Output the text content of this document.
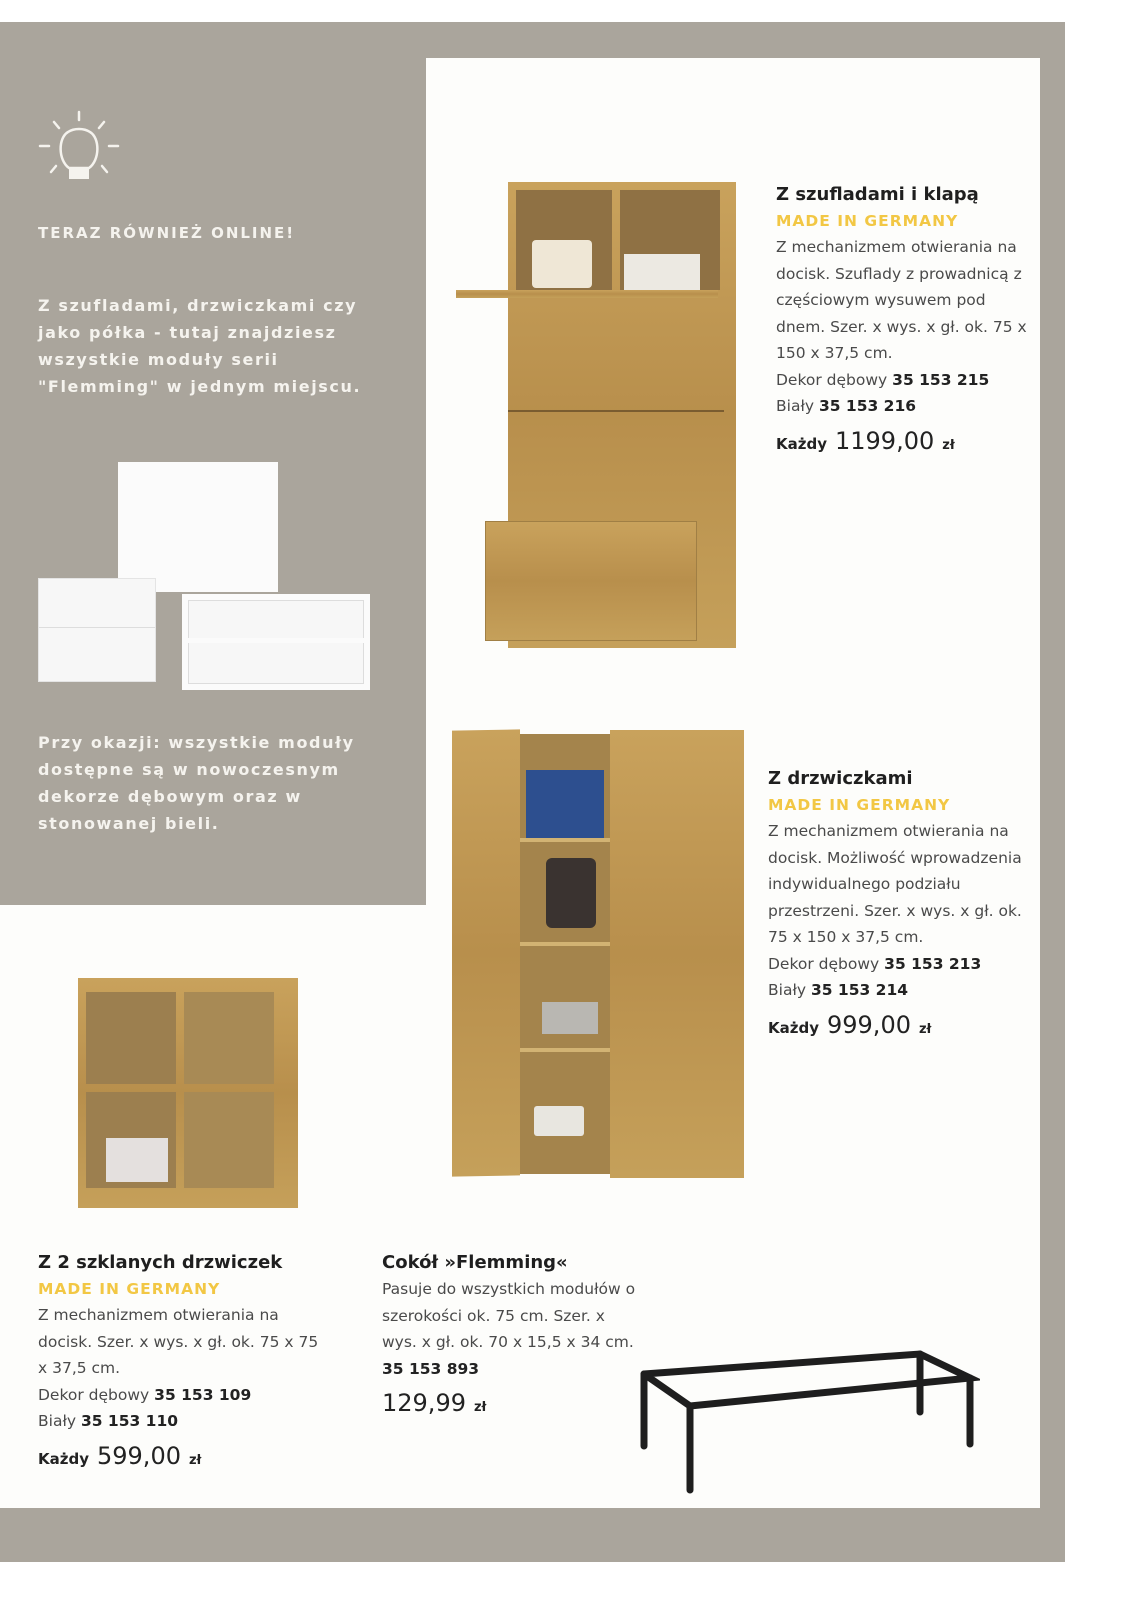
TERAZ RÓWNIEŻ ONLINE!
Z szufladami, drzwiczkami czy jako półka - tutaj znajdziesz wszystkie moduły serii "Flemming" w jednym miejscu.
Przy okazji: wszystkie moduły dostępne są w nowoczesnym dekorze dębowym oraz w stonowanej bieli.
Z szufladami i klapą
MADE IN GERMANY
Z mechanizmem otwierania na docisk. Szuflady z prowadnicą z częściowym wysuwem pod dnem. Szer. x wys. x gł. ok. 75 x 150 x 37,5 cm.
Dekor dębowy 35 153 215
Biały 35 153 216
Każdy 1199,00 zł
Z drzwiczkami
MADE IN GERMANY
Z mechanizmem otwierania na docisk. Możliwość wprowadzenia indywidualnego podziału przestrzeni. Szer. x wys. x gł. ok. 75 x 150 x 37,5 cm.
Dekor dębowy 35 153 213
Biały 35 153 214
Każdy 999,00 zł
Z 2 szklanych drzwiczek
MADE IN GERMANY
Z mechanizmem otwierania na docisk. Szer. x wys. x gł. ok. 75 x 75 x 37,5 cm.
Dekor dębowy 35 153 109
Biały 35 153 110
Każdy 599,00 zł
Cokół »Flemming«
Pasuje do wszystkich modułów o szerokości ok. 75 cm. Szer. x wys. x gł. ok. 70 x 15,5 x 34 cm.
35 153 893
129,99 zł
